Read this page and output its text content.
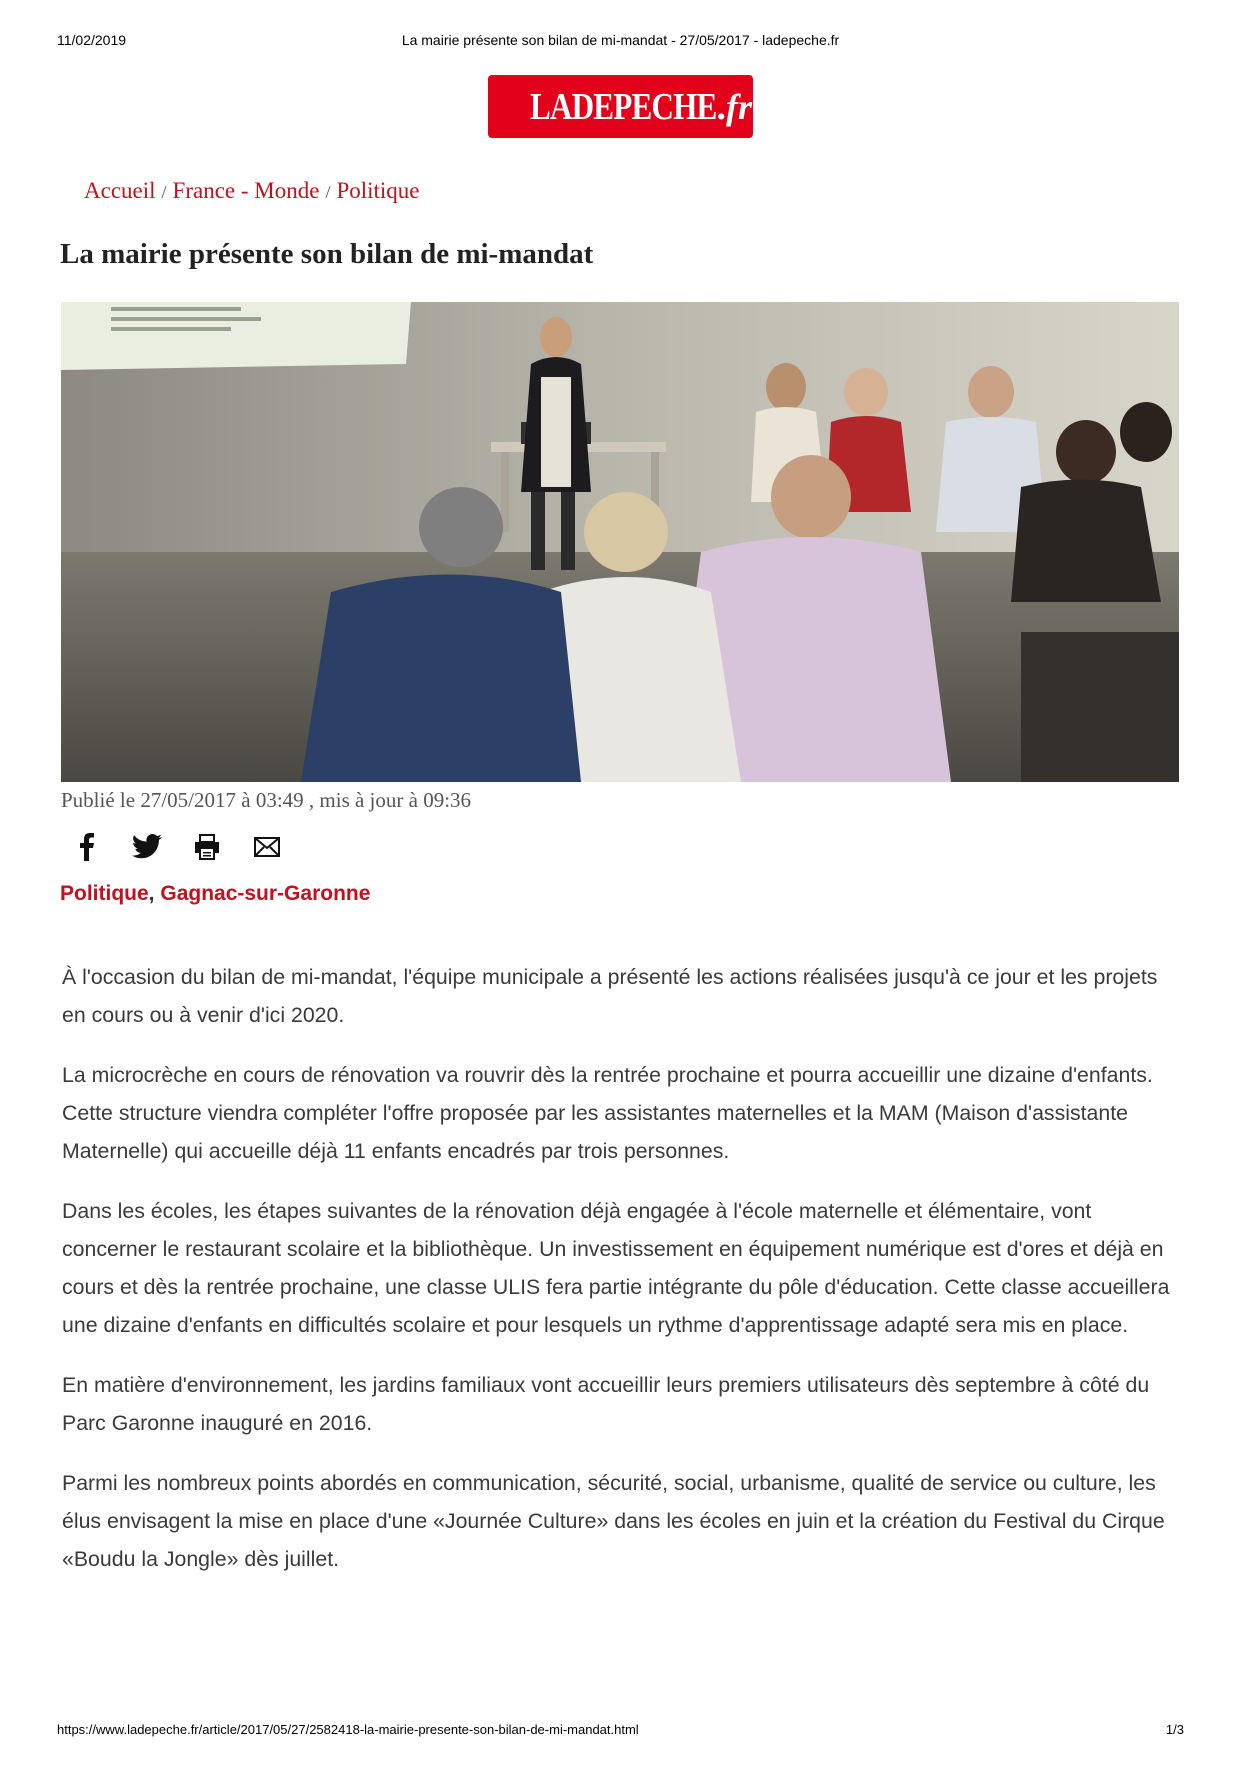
11/02/2019	La mairie présente son bilan de mi-mandat - 27/05/2017 - ladepeche.fr
LADEPECHE . fr
Accueil / France - Monde / Politique
La mairie présente son bilan de mi-mandat
Publié le 27/05/2017 à 03:49 , mis à jour à 09:36
Politique, Gagnac-sur-Garonne

À l'occasion du bilan de mi-mandat, l'équipe municipale a présenté les actions réalisées jusqu'à ce jour et les projets en cours ou à venir d'ici 2020.

La microcrèche en cours de rénovation va rouvrir dès la rentrée prochaine et pourra accueillir une dizaine d'enfants. Cette structure viendra compléter l'offre proposée par les assistantes maternelles et la MAM (Maison d'assistante Maternelle) qui accueille déjà 11 enfants encadrés par trois personnes.

Dans les écoles, les étapes suivantes de la rénovation déjà engagée à l'école maternelle et élémentaire, vont concerner le restaurant scolaire et la bibliothèque. Un investissement en équipement numérique est d'ores et déjà en cours et dès la rentrée prochaine, une classe ULIS fera partie intégrante du pôle d'éducation. Cette classe accueillera une dizaine d'enfants en difficultés scolaire et pour lesquels un rythme d'apprentissage adapté sera mis en place.

En matière d'environnement, les jardins familiaux vont accueillir leurs premiers utilisateurs dès septembre à côté du Parc Garonne inauguré en 2016.

Parmi les nombreux points abordés en communication, sécurité, social, urbanisme, qualité de service ou culture, les élus envisagent la mise en place d'une «Journée Culture» dans les écoles en juin et la création du Festival du Cirque «Boudu la Jongle» dès juillet.

https://www.ladepeche.fr/article/2017/05/27/2582418-la-mairie-presente-son-bilan-de-mi-mandat.html	1/3
